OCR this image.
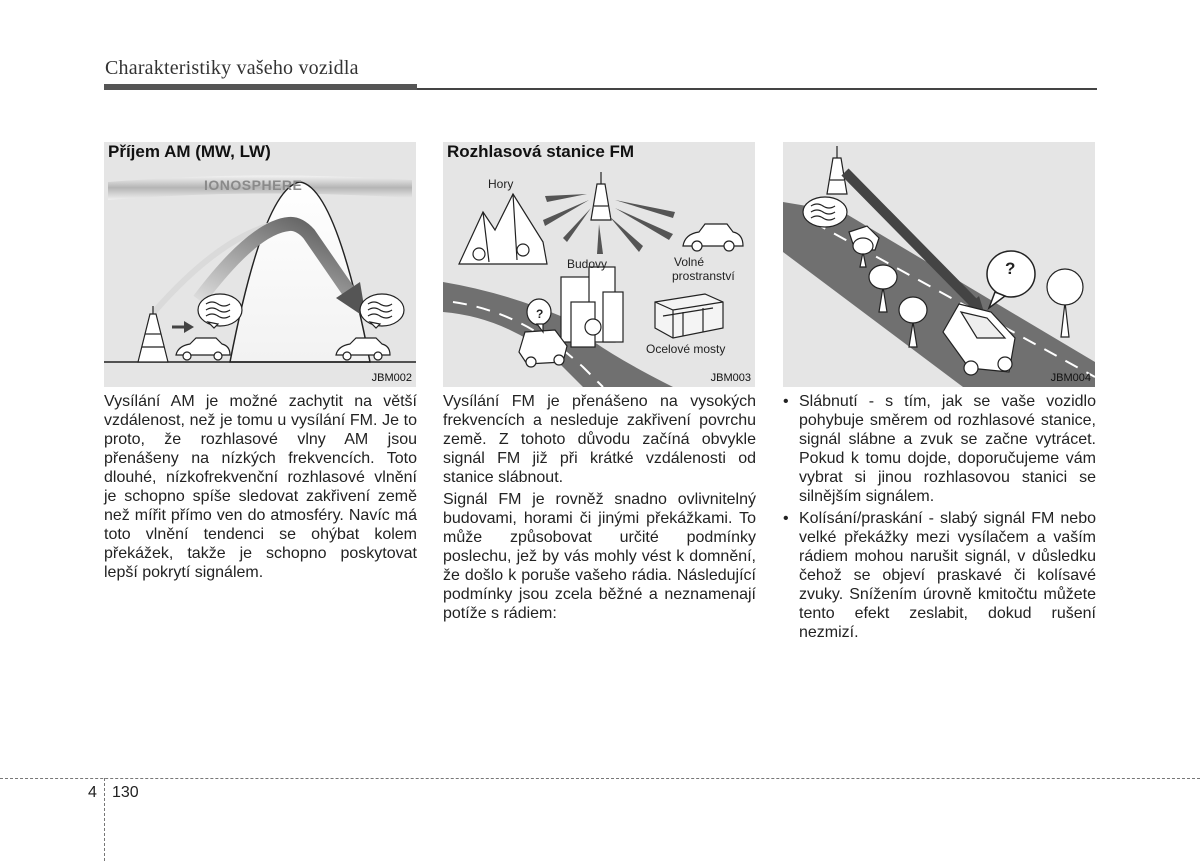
Charakteristiky vašeho vozidla
Příjem AM (MW, LW)
IONOSPHERE
JBM002
?
Rozhlasová stanice FM
Hory
Budovy	Volné
prostranství
Ocelové mosty
JBM003
?
JBM004

Vysílání AM je možné zachytit na větší vzdálenost, než je tomu u vysílání FM. Je to proto, že rozhlasové vlny AM jsou přenášeny na nízkých frekvencích. Toto dlouhé, nízkofrekvenční rozhlasové vlnění je schopno spíše sledovat zakřivení země než mířit přímo ven do atmosféry. Navíc má toto vlnění tendenci se ohýbat kolem překážek, takže je schopno poskytovat lepší pokrytí signálem.

Vysílání FM je přenášeno na vysokých frekvencích a nesleduje zakřivení povrchu země. Z tohoto důvodu začíná obvykle signál FM již při krátké vzdálenosti od stanice slábnout.

Signál FM je rovněž snadno ovlivnitelný budovami, horami či jinými překážkami. To může způsobovat určité podmínky poslechu, jež by vás mohly vést k domnění, že došlo k poruše vašeho rádia. Následující podmínky jsou zcela běžné a neznamenají potíže s rádiem:

• Slábnutí - s tím, jak se vaše vozidlo pohybuje směrem od rozhlasové stanice, signál slábne a zvuk se začne vytrácet. Pokud k tomu dojde, doporučujeme vám vybrat si jinou rozhlasovou stanici se silnějším signálem.
• Kolísání/praskání - slabý signál FM nebo velké překážky mezi vysílačem a vaším rádiem mohou narušit signál, v důsledku čehož se objeví praskavé či kolísavé zvuky. Snížením úrovně kmitočtu můžete tento efekt zeslabit, dokud rušení nezmizí.
4 130
